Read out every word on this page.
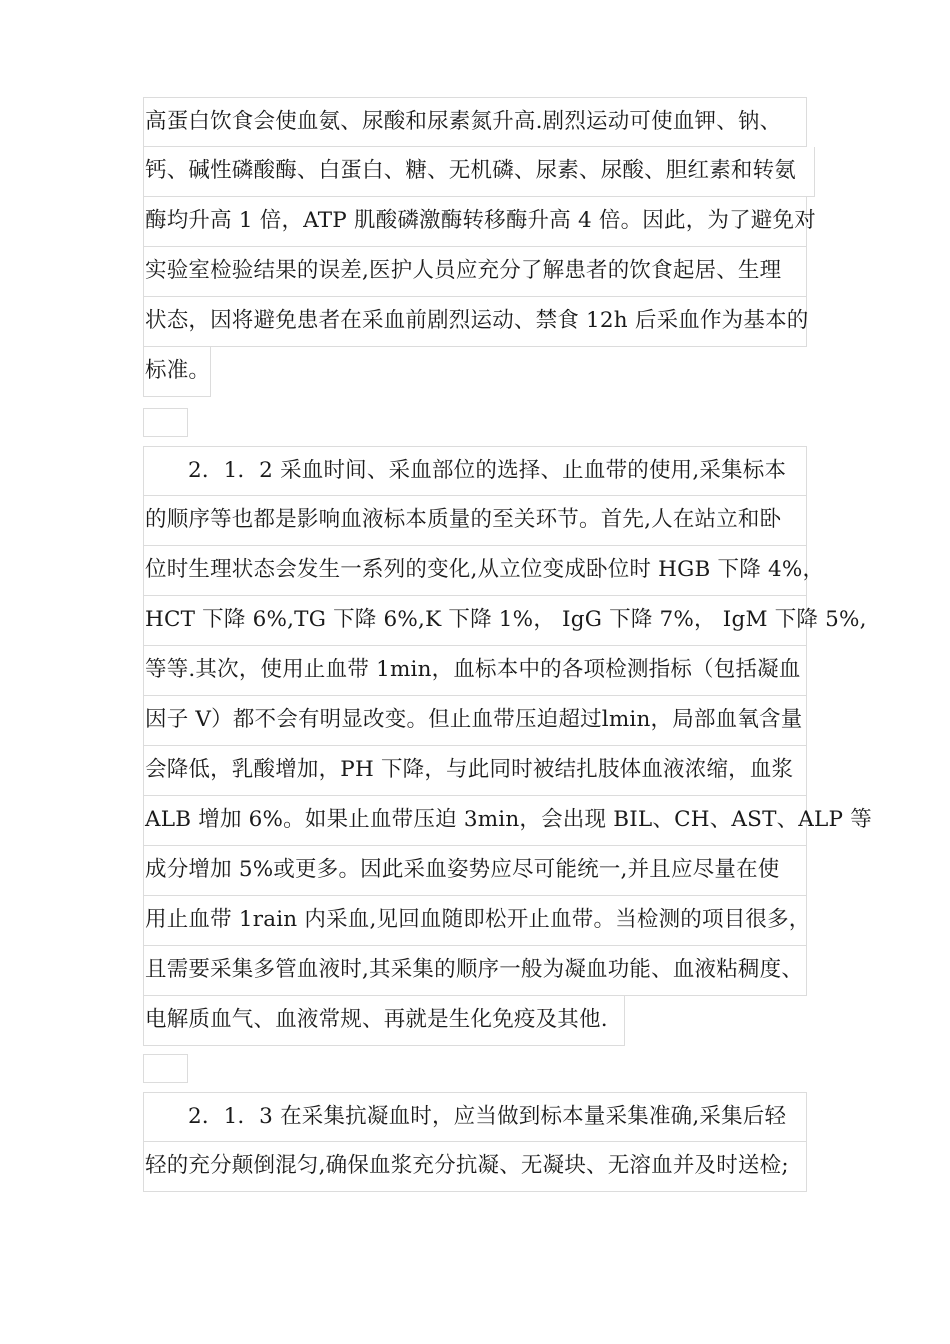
高蛋白饮食会使血氨、尿酸和尿素氮升高.剧烈运动可使血钾、钠、
钙、碱性磷酸酶、白蛋白、糖、无机磷、尿素、尿酸、胆红素和转氨
酶均升高 1 倍，ATP 肌酸磷激酶转移酶升高 4 倍。因此，为了避免对
实验室检验结果的误差,医护人员应充分了解患者的饮食起居、生理
状态，因将避免患者在采血前剧烈运动、禁食 12h 后采血作为基本的
标准。
2．1．2 采血时间、采血部位的选择、止血带的使用,采集标本
的顺序等也都是影响血液标本质量的至关环节。首先,人在站立和卧
位时生理状态会发生一系列的变化,从立位变成卧位时 HGB 下降 4%，
HCT 下降 6%,TG 下降 6%,K 下降 1%， IgG 下降 7%， IgM 下降 5%,
等等.其次，使用止血带 1min，血标本中的各项检测指标（包括凝血
因子 V）都不会有明显改变。但止血带压迫超过lmin，局部血氧含量
会降低，乳酸增加，PH 下降，与此同时被结扎肢体血液浓缩，血浆
ALB 增加 6%。如果止血带压迫 3min，会出现 BIL、CH、AST、ALP 等
成分增加 5%或更多。因此采血姿势应尽可能统一,并且应尽量在使
用止血带 1rain 内采血,见回血随即松开止血带。当检测的项目很多，
且需要采集多管血液时,其采集的顺序一般为凝血功能、血液粘稠度、
电解质血气、血液常规、再就是生化免疫及其他.
2．1．3 在采集抗凝血时，应当做到标本量采集准确,采集后轻
轻的充分颠倒混匀,确保血浆充分抗凝、无凝块、无溶血并及时送检;
